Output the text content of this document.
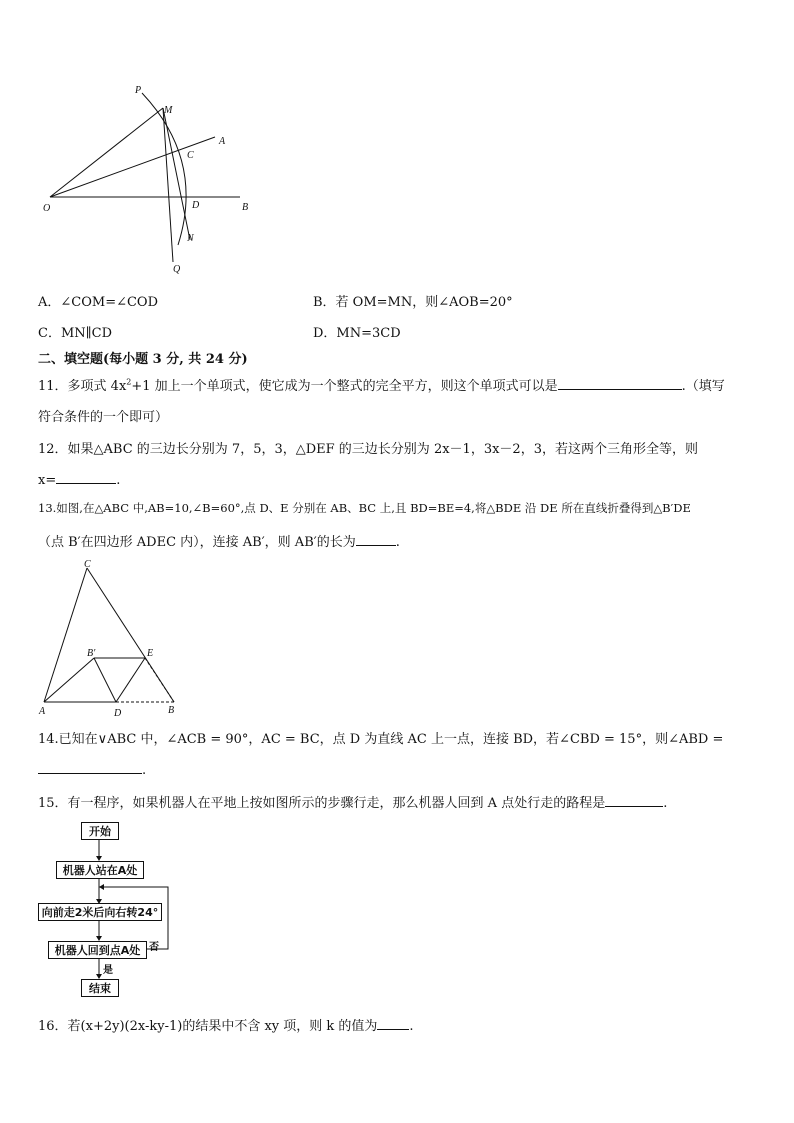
P
M
A
C
O	D	B
N
Q
A．∠COM=∠COD	B．若 OM=MN，则∠AOB=20°
C．MN∥CD	D．MN=3CD
二、填空题(每小题 3 分, 共 24 分)
11．多项式 $4x^2+1$ 加上一个单项式，使它成为一个整式的完全平方，则这个单项式可以是	.（填写
符合条件的一个即可）
12．如果△ABC 的三边长分别为 7，5，3，△DEF 的三边长分别为 2x－1，3x－2，3，若这两个三角形全等，则
x=	.
13.如图,在△ABC 中,AB=10,∠B=60°,点 D、E 分别在 AB、BC 上,且 BD=BE=4,将△BDE 沿 DE 所在直线折叠得到△B′DE
（点 B′在四边形 ADEC 内），连接 AB′，则 AB′的长为	.
C
B′	E
A	D	B
14.已知在∨ABC 中，∠ACB = 90°，AC = BC，点 D 为直线 AC 上一点，连接 BD，若∠CBD = 15°，则∠ABD =
.
15．有一程序，如果机器人在平地上按如图所示的步骤行走，那么机器人回到 A 点处行走的路程是	.
开始
机器人站在A处
向前走2米后向右转24°
机器人回到点A处 否
是
结束
16．若(x+2y)(2x-ky-1)的结果中不含 xy 项，则 k 的值为 .
